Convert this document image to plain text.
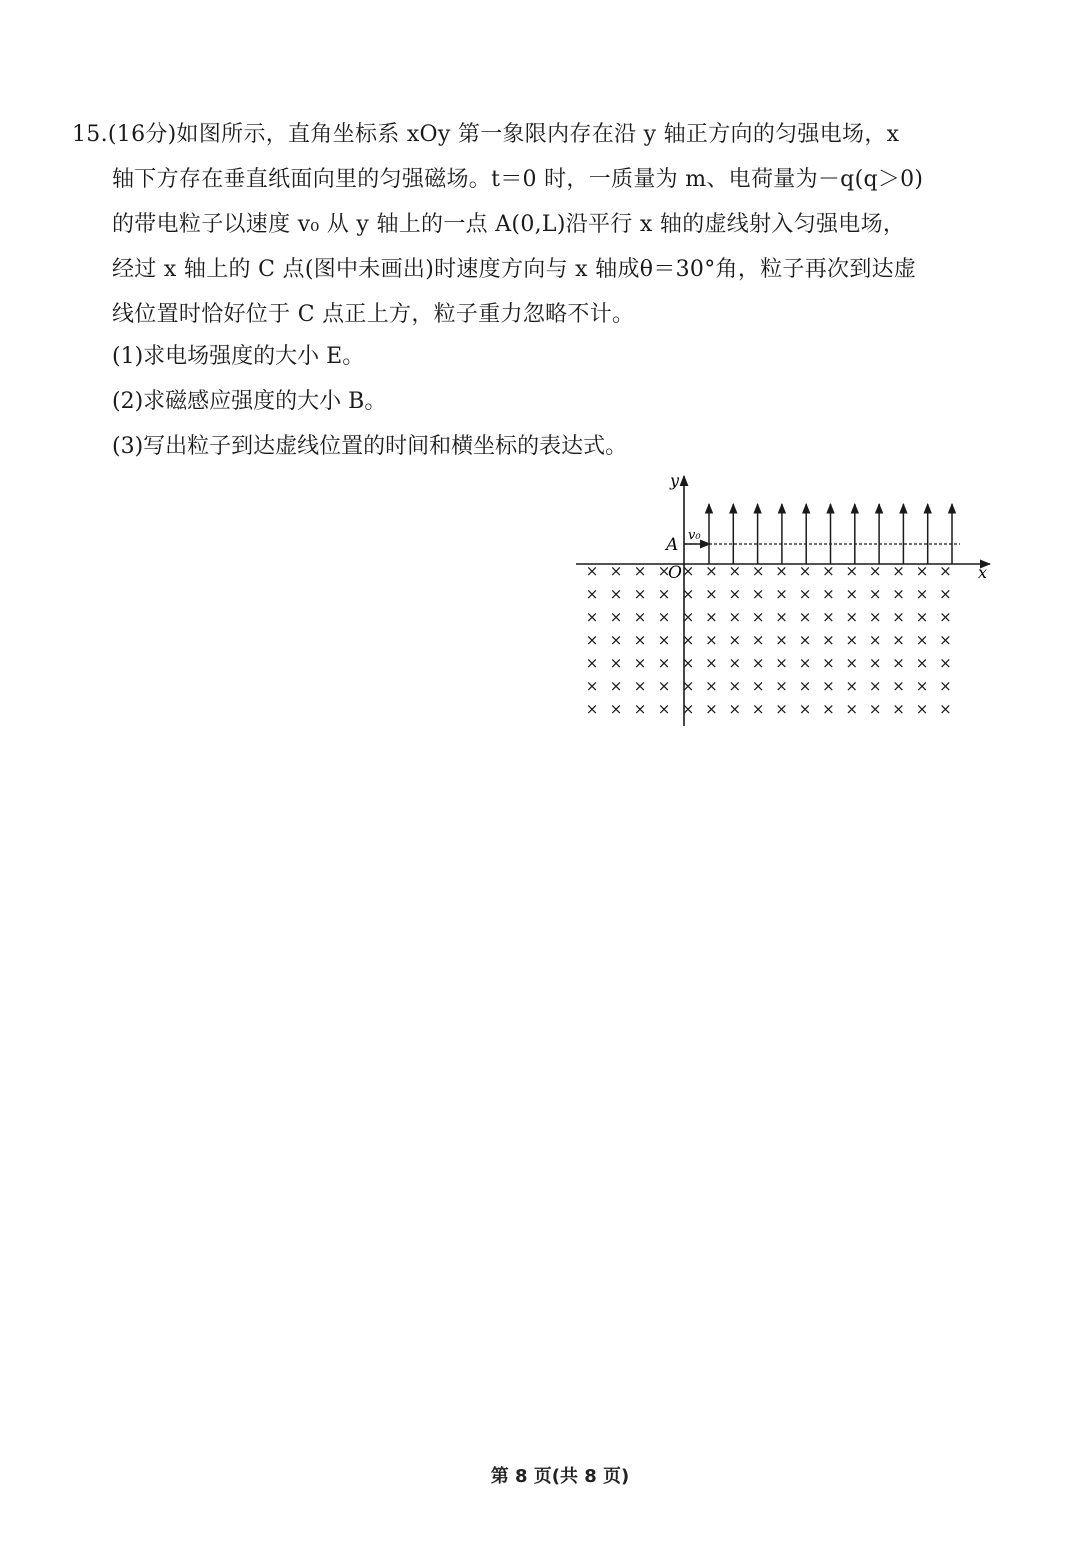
15.(16分)如图所示，直角坐标系 xOy 第一象限内存在沿 y 轴正方向的匀强电场，x
轴下方存在垂直纸面向里的匀强磁场。t＝0 时，一质量为 m、电荷量为－q(q＞0)
的带电粒子以速度 v₀ 从 y 轴上的一点 A(0,L)沿平行 x 轴的虚线射入匀强电场，
经过 x 轴上的 C 点(图中未画出)时速度方向与 x 轴成θ＝30°角，粒子再次到达虚
线位置时恰好位于 C 点正上方，粒子重力忽略不计。
(1)求电场强度的大小 E。
(2)求磁感应强度的大小 B。
(3)写出粒子到达虚线位置的时间和横坐标的表达式。
× × × × × × × × × × × × × × × ×
× × × × × × × × × × × × × × × ×
× × × × × × × × × × × × × × × ×
× × × × × × × × × × × × × × × ×
× × × × × × × × × × × × × × × ×
× × × × × × × × × × × × × × × ×
× × × × × × × × × × × × × × × ×
y
x
O
A v₀
第 8 页(共 8 页)
